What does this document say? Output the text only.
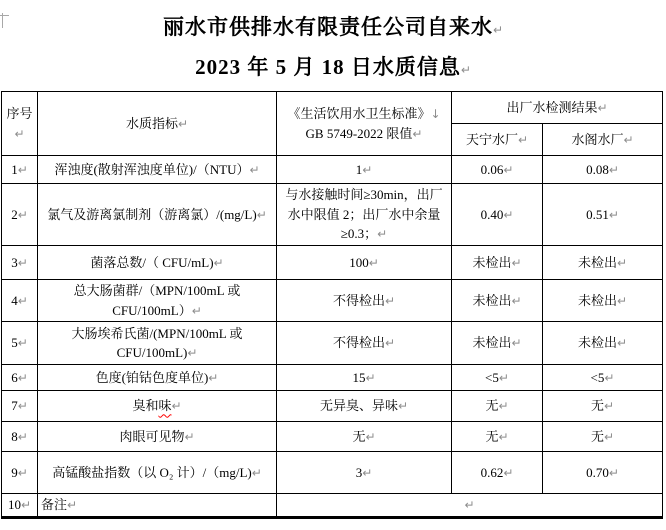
丽水市供排水有限责任公司自来水↵
2023 年 5 月 18 日水质信息↵
序号↵	水质指标↵	《生活饮用水卫生标准》↓
GB 5749-2022 限值↵	出厂水检测结果↵	
			天宁水厂↵	水阁水厂↵
1↵	浑浊度(散射浑浊度单位)/（NTU）↵	1↵	0.06↵	0.08↵
2↵	氯气及游离氯制剂（游离氯）/(mg/L)↵	与水接触时间≥30min，出厂水中限值 2；出厂水中余量≥0.3；↵	0.40↵	0.51↵
3↵	菌落总数/（ CFU/mL)↵	100↵	未检出↵	未检出↵
4↵	总大肠菌群/（MPN/100mL 或 CFU/100mL）↵	不得检出↵	未检出↵	未检出↵
5↵	大肠埃希氏菌/(MPN/100mL 或 CFU/100mL)↵	不得检出↵	未检出↵	未检出↵
6↵	色度(铂钴色度单位)↵	15↵	<5↵	<5↵
7↵	臭和味↵	无异臭、异味↵	无↵	无↵
8↵	肉眼可见物↵	无↵	无↵	无↵
9↵	高锰酸盐指数（以 O₂ 计）/（mg/L)↵	3↵	0.62↵	0.70↵
10↵	备注↵	↵		
